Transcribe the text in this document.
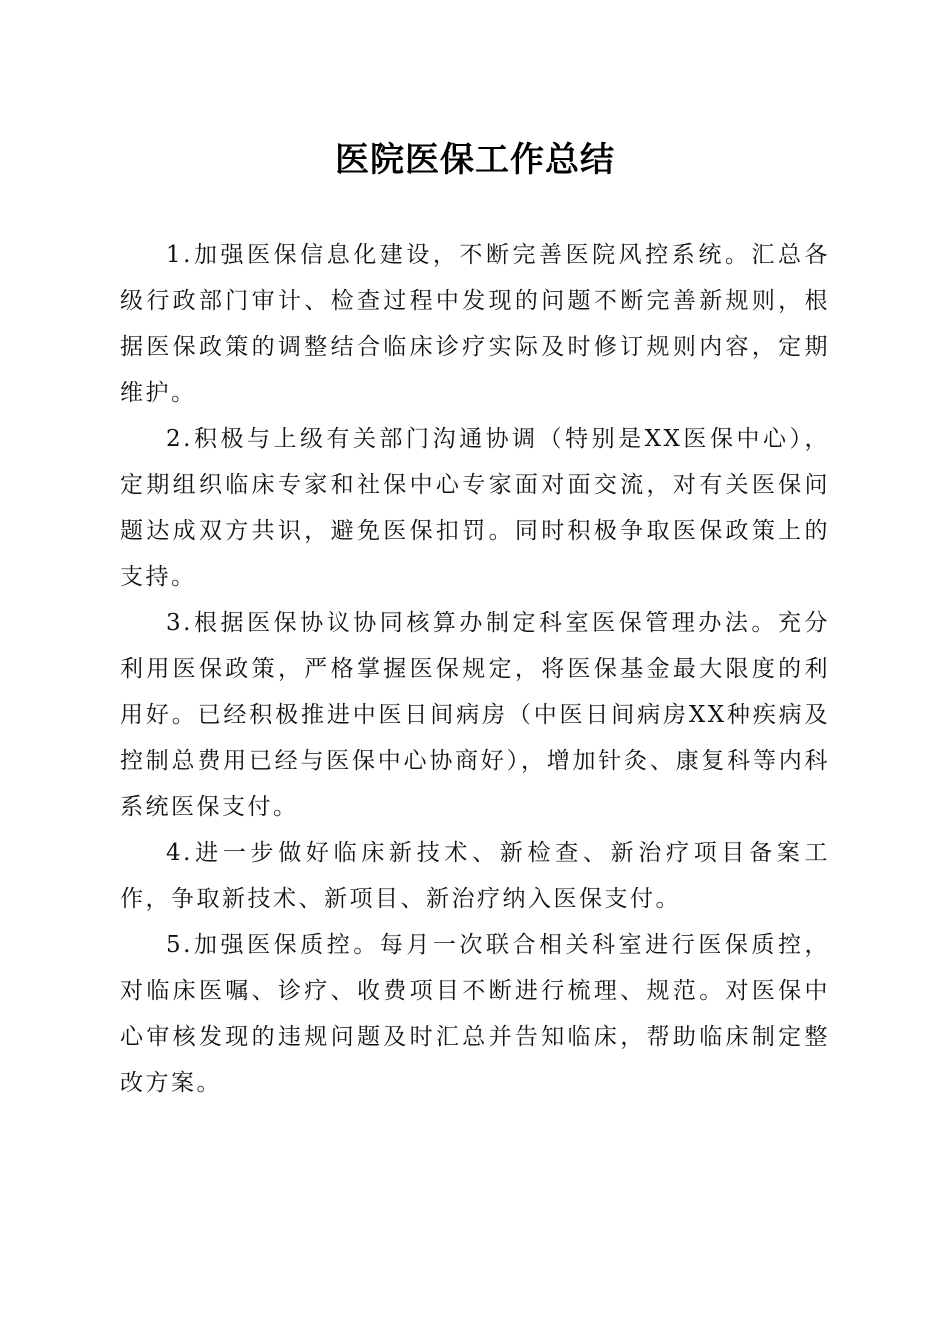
医院医保工作总结

1.加强医保信息化建设，不断完善医院风控系统。汇总各级行政部门审计、检查过程中发现的问题不断完善新规则，根据医保政策的调整结合临床诊疗实际及时修订规则内容，定期维护。

2.积极与上级有关部门沟通协调（特别是XX医保中心），定期组织临床专家和社保中心专家面对面交流，对有关医保问题达成双方共识，避免医保扣罚。同时积极争取医保政策上的支持。

3.根据医保协议协同核算办制定科室医保管理办法。充分利用医保政策，严格掌握医保规定，将医保基金最大限度的利用好。已经积极推进中医日间病房（中医日间病房XX种疾病及控制总费用已经与医保中心协商好），增加针灸、康复科等内科系统医保支付。

4.进一步做好临床新技术、新检查、新治疗项目备案工作，争取新技术、新项目、新治疗纳入医保支付。

5.加强医保质控。每月一次联合相关科室进行医保质控，对临床医嘱、诊疗、收费项目不断进行梳理、规范。对医保中心审核发现的违规问题及时汇总并告知临床，帮助临床制定整改方案。
